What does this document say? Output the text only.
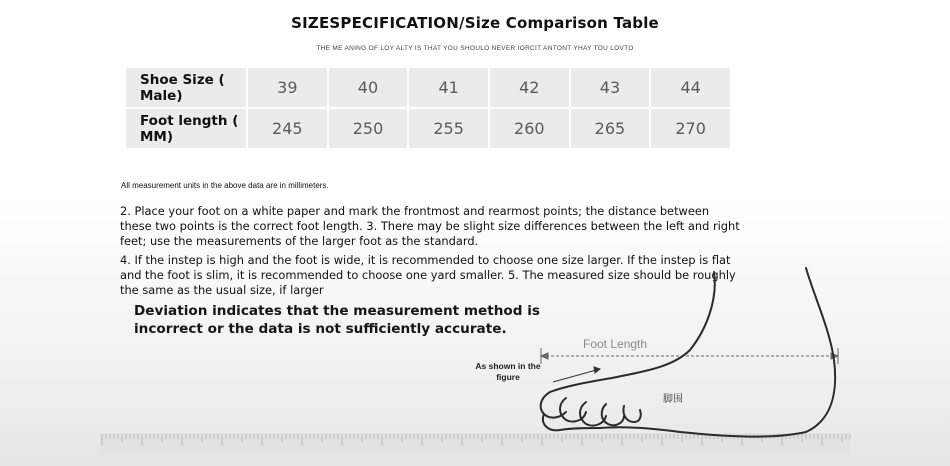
SIZESPECIFICATION/Size Comparison Table
THE ME ANING OF LOY ALTY IS THAT YOU SHOULO NEVER IORCIT ANTONT YHAY TOU LOVTO
Shoe Size ( Male)	39	40	41	42	43	44
Foot length ( MM)	245	250	255	260	265	270
All measurement units in the above data are in millimeters.

2. Place your foot on a white paper and mark the frontmost and rearmost points; the distance between these two points is the correct foot length. 3. There may be slight size differences between the left and right feet; use the measurements of the larger foot as the standard.

4. If the instep is high and the foot is wide, it is recommended to choose one size larger. If the instep is flat and the foot is slim, it is recommended to choose one yard smaller. 5. The measured size should be roughly the same as the usual size, if larger

Deviation indicates that the measurement method is incorrect or the data is not sufficiently accurate.
Foot Length
As shown in the figure
脚围
